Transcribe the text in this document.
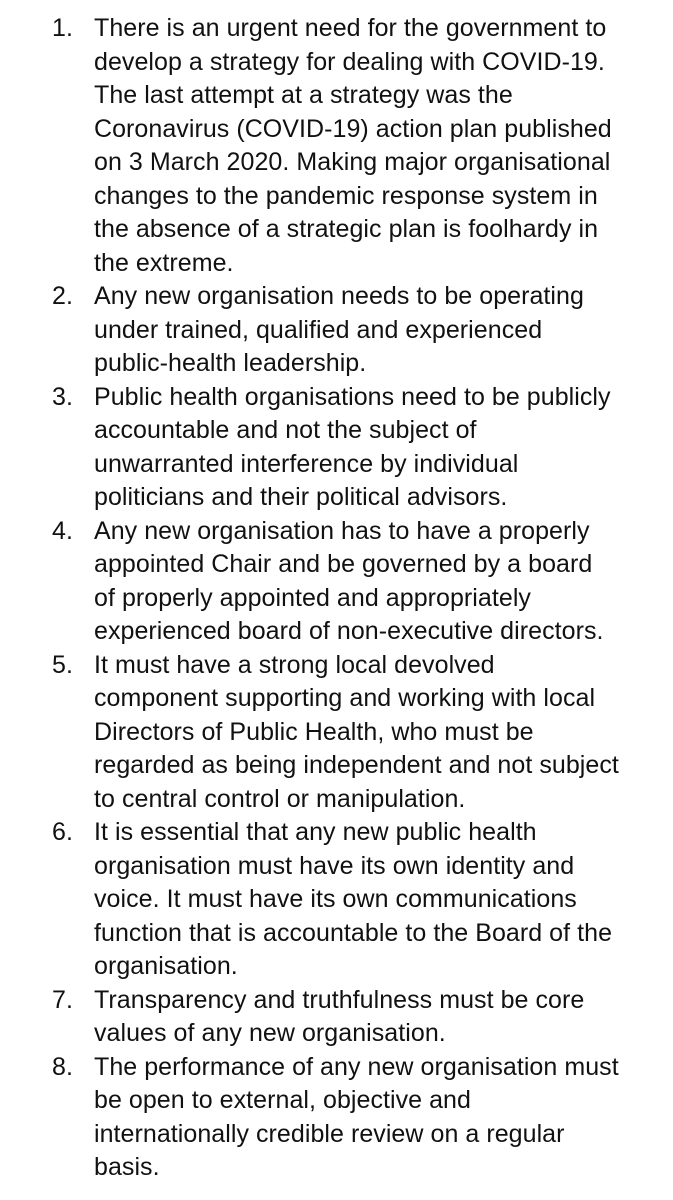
1. There is an urgent need for the government to
develop a strategy for dealing with COVID-19.
The last attempt at a strategy was the
Coronavirus (COVID-19) action plan published
on 3 March 2020. Making major organisational
changes to the pandemic response system in
the absence of a strategic plan is foolhardy in
the extreme.
2. Any new organisation needs to be operating
under trained, qualified and experienced
public-health leadership.
3. Public health organisations need to be publicly
accountable and not the subject of
unwarranted interference by individual
politicians and their political advisors.
4. Any new organisation has to have a properly
appointed Chair and be governed by a board
of properly appointed and appropriately
experienced board of non-executive directors.
5. It must have a strong local devolved
component supporting and working with local
Directors of Public Health, who must be
regarded as being independent and not subject
to central control or manipulation.
6. It is essential that any new public health
organisation must have its own identity and
voice. It must have its own communications
function that is accountable to the Board of the
organisation.
7. Transparency and truthfulness must be core
values of any new organisation.
8. The performance of any new organisation must
be open to external, objective and
internationally credible review on a regular
basis.
